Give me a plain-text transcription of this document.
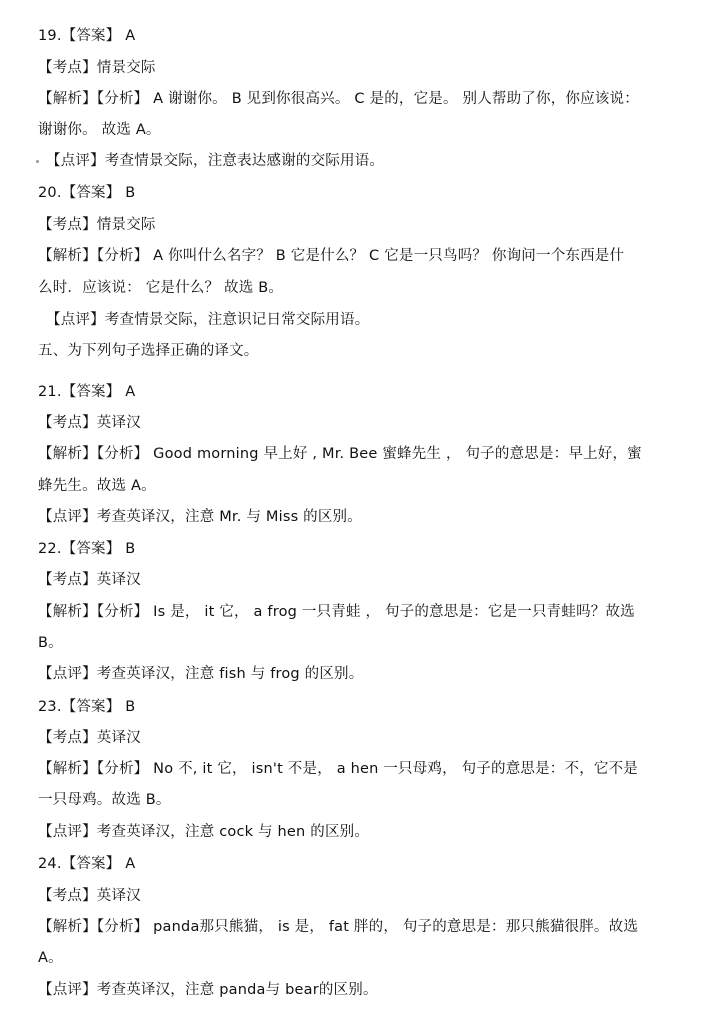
19.【答案】 A
【考点】情景交际
【解析】【分析】 A 谢谢你。 B 见到你很高兴。 C 是的，它是。 别人帮助了你，你应该说：
谢谢你。 故选 A。
【点评】考查情景交际，注意表达感谢的交际用语。
20.【答案】 B
【考点】情景交际
【解析】【分析】 A 你叫什么名字？ B 它是什么？ C 它是一只鸟吗？ 你询问一个东西是什
么时．应该说： 它是什么？ 故选 B。
【点评】考查情景交际，注意识记日常交际用语。
五、为下列句子选择正确的译文。
21.【答案】 A
【考点】英译汉
【解析】【分析】 Good morning 早上好 , Mr. Bee 蜜蜂先生 ， 句子的意思是：早上好，蜜
蜂先生。故选 A。
【点评】考查英译汉，注意 Mr. 与 Miss 的区别。
22.【答案】 B
【考点】英译汉
【解析】【分析】 Is 是， it 它， a frog 一只青蛙 ， 句子的意思是：它是一只青蛙吗？故选
B。
【点评】考查英译汉，注意 fish 与 frog 的区别。
23.【答案】 B
【考点】英译汉
【解析】【分析】 No 不, it 它， isn't 不是， a hen 一只母鸡， 句子的意思是：不，它不是
一只母鸡。故选 B。
【点评】考查英译汉，注意 cock 与 hen 的区别。
24.【答案】 A
【考点】英译汉
【解析】【分析】 panda那只熊猫， is 是， fat 胖的， 句子的意思是：那只熊猫很胖。故选
A。
【点评】考查英译汉，注意 panda与 bear的区别。
